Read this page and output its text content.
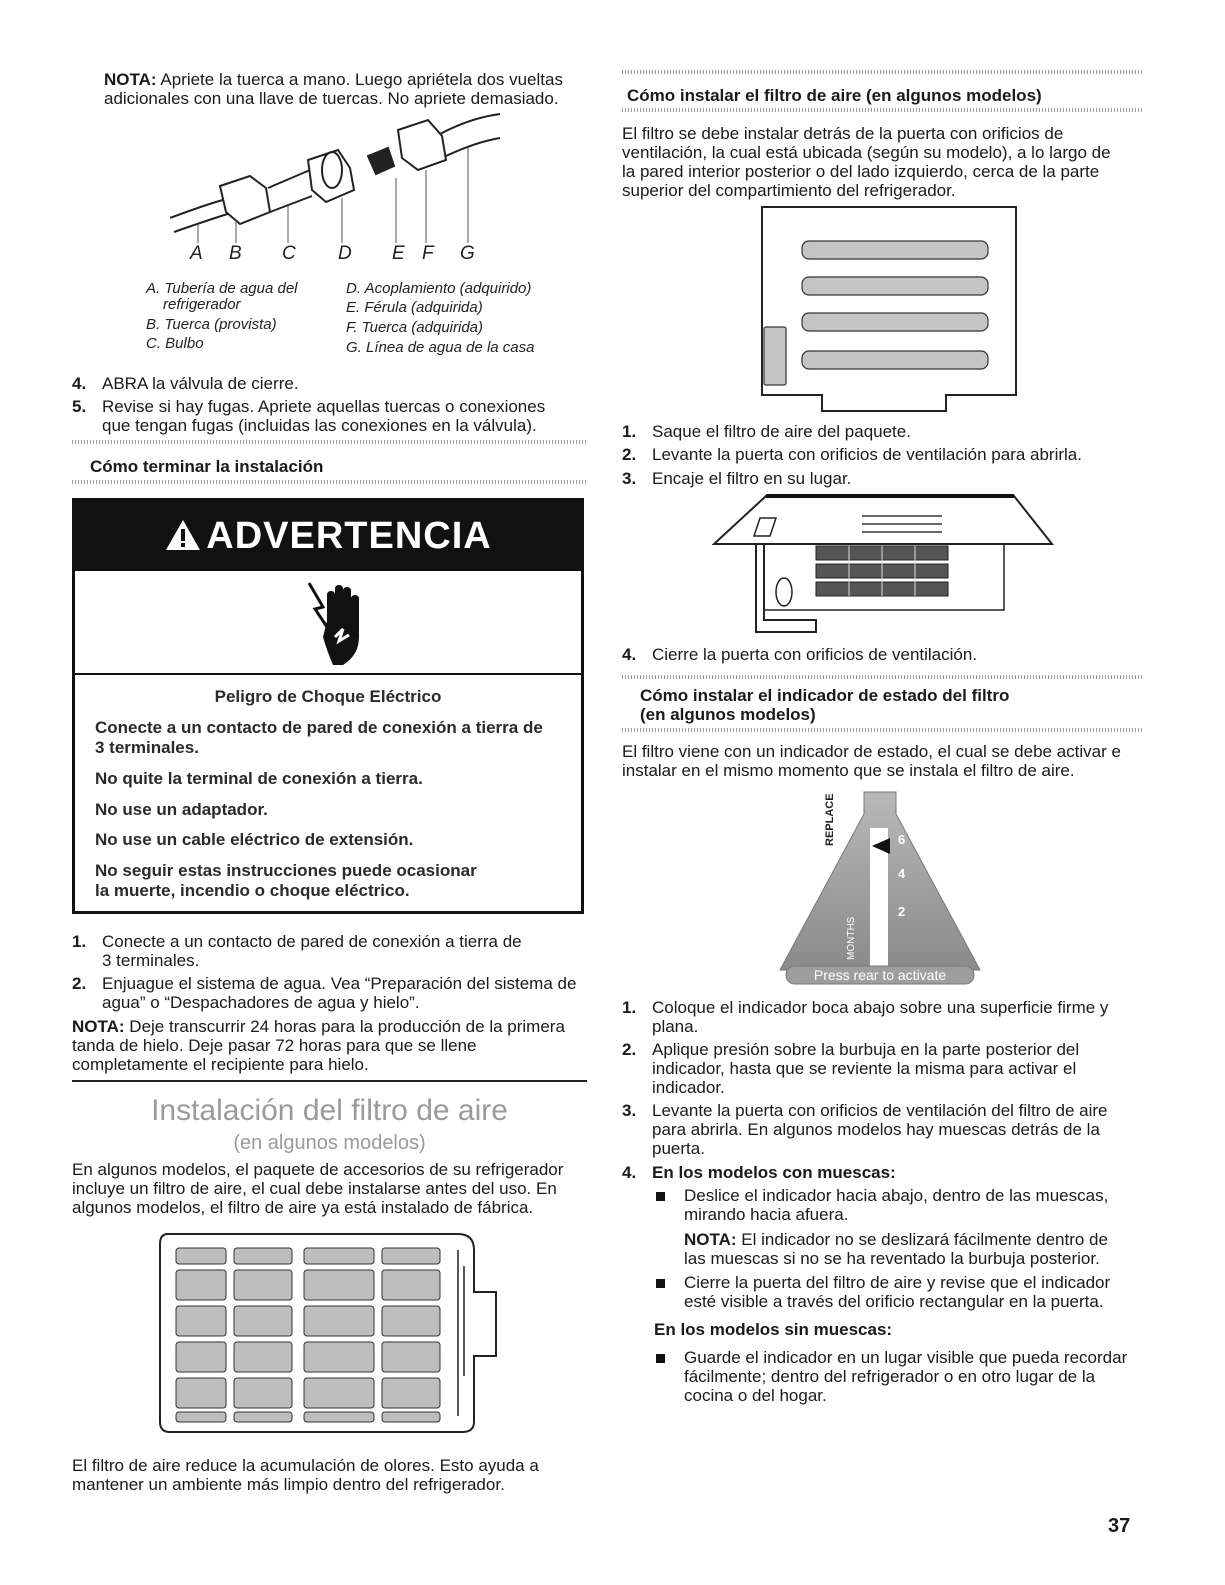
NOTA: Apriete la tuerca a mano. Luego apriétela dos vueltas
adicionales con una llave de tuercas. No apriete demasiado.
A B C D E F G
A. Tubería de agua del
refrigerador
B. Tuerca (provista)
C. Bulbo
D. Acoplamiento (adquirido)
E. Férula (adquirida)
F. Tuerca (adquirida)
G. Línea de agua de la casa
4. ABRA la válvula de cierre.
5. Revise si hay fugas. Apriete aquellas tuercas o conexiones
que tengan fugas (incluidas las conexiones en la válvula).
Cómo terminar la instalación
ADVERTENCIA
Peligro de Choque Eléctrico
Conecte a un contacto de pared de conexión a tierra de
3 terminales.
No quite la terminal de conexión a tierra.
No use un adaptador.
No use un cable eléctrico de extensión.
No seguir estas instrucciones puede ocasionar
la muerte, incendio o choque eléctrico.
1. Conecte a un contacto de pared de conexión a tierra de
3 terminales.
2. Enjuague el sistema de agua. Vea “Preparación del sistema de
agua” o “Despachadores de agua y hielo”.
NOTA: Deje transcurrir 24 horas para la producción de la primera
tanda de hielo. Deje pasar 72 horas para que se llene
completamente el recipiente para hielo.
Instalación del filtro de aire
(en algunos modelos)
En algunos modelos, el paquete de accesorios de su refrigerador
incluye un filtro de aire, el cual debe instalarse antes del uso. En
algunos modelos, el filtro de aire ya está instalado de fábrica.
El filtro de aire reduce la acumulación de olores. Esto ayuda a
mantener un ambiente más limpio dentro del refrigerador.
Cómo instalar el filtro de aire (en algunos modelos)
El filtro se debe instalar detrás de la puerta con orificios de
ventilación, la cual está ubicada (según su modelo), a lo largo de
la pared interior posterior o del lado izquierdo, cerca de la parte
superior del compartimiento del refrigerador.
1. Saque el filtro de aire del paquete.
2. Levante la puerta con orificios de ventilación para abrirla.
3. Encaje el filtro en su lugar.
4. Cierre la puerta con orificios de ventilación.
Cómo instalar el indicador de estado del filtro
(en algunos modelos)
El filtro viene con un indicador de estado, el cual se debe activar e
instalar en el mismo momento que se instala el filtro de aire.
REPLACE
MONTHS
6
4
2
Press rear to activate
1. Coloque el indicador boca abajo sobre una superficie firme y
plana.
2. Aplique presión sobre la burbuja en la parte posterior del
indicador, hasta que se reviente la misma para activar el
indicador.
3. Levante la puerta con orificios de ventilación del filtro de aire
para abrirla. En algunos modelos hay muescas detrás de la
puerta.
4. En los modelos con muescas:
Deslice el indicador hacia abajo, dentro de las muescas,
mirando hacia afuera.
NOTA: El indicador no se deslizará fácilmente dentro de
las muescas si no se ha reventado la burbuja posterior.
Cierre la puerta del filtro de aire y revise que el indicador
esté visible a través del orificio rectangular en la puerta.
En los modelos sin muescas:
Guarde el indicador en un lugar visible que pueda recordar
fácilmente; dentro del refrigerador o en otro lugar de la
cocina o del hogar.
37
